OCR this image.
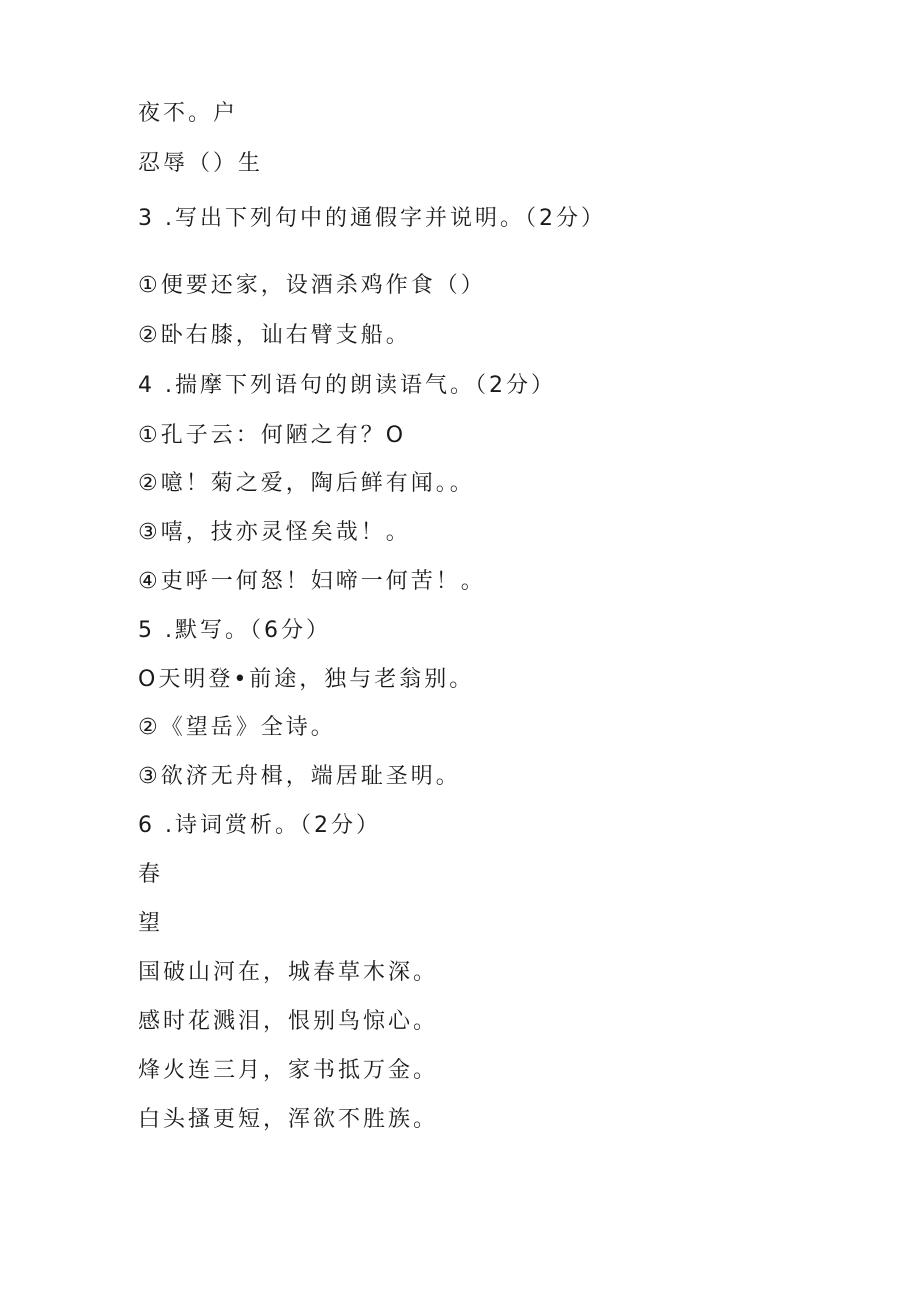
夜不。户
忍辱（）生
3 .写出下列句中的通假字并说明。（2分）
①便要还家，设酒杀鸡作食（）
②卧右膝，讪右臂支船。
4 .揣摩下列语句的朗读语气。（2分）
①孔子云：何陋之有？O
②噫！菊之爱，陶后鲜有闻。。
③嘻，技亦灵怪矣哉！。
④吏呼一何怒！妇啼一何苦！。
5 .默写。（6分）
O天明登•前途，独与老翁别。
②《望岳》全诗。
③欲济无舟楫，端居耻圣明。
6 .诗词赏析。（2分）
春
望
国破山河在，城春草木深。
感时花溅泪，恨别鸟惊心。
烽火连三月，家书抵万金。
白头搔更短，浑欲不胜族。
